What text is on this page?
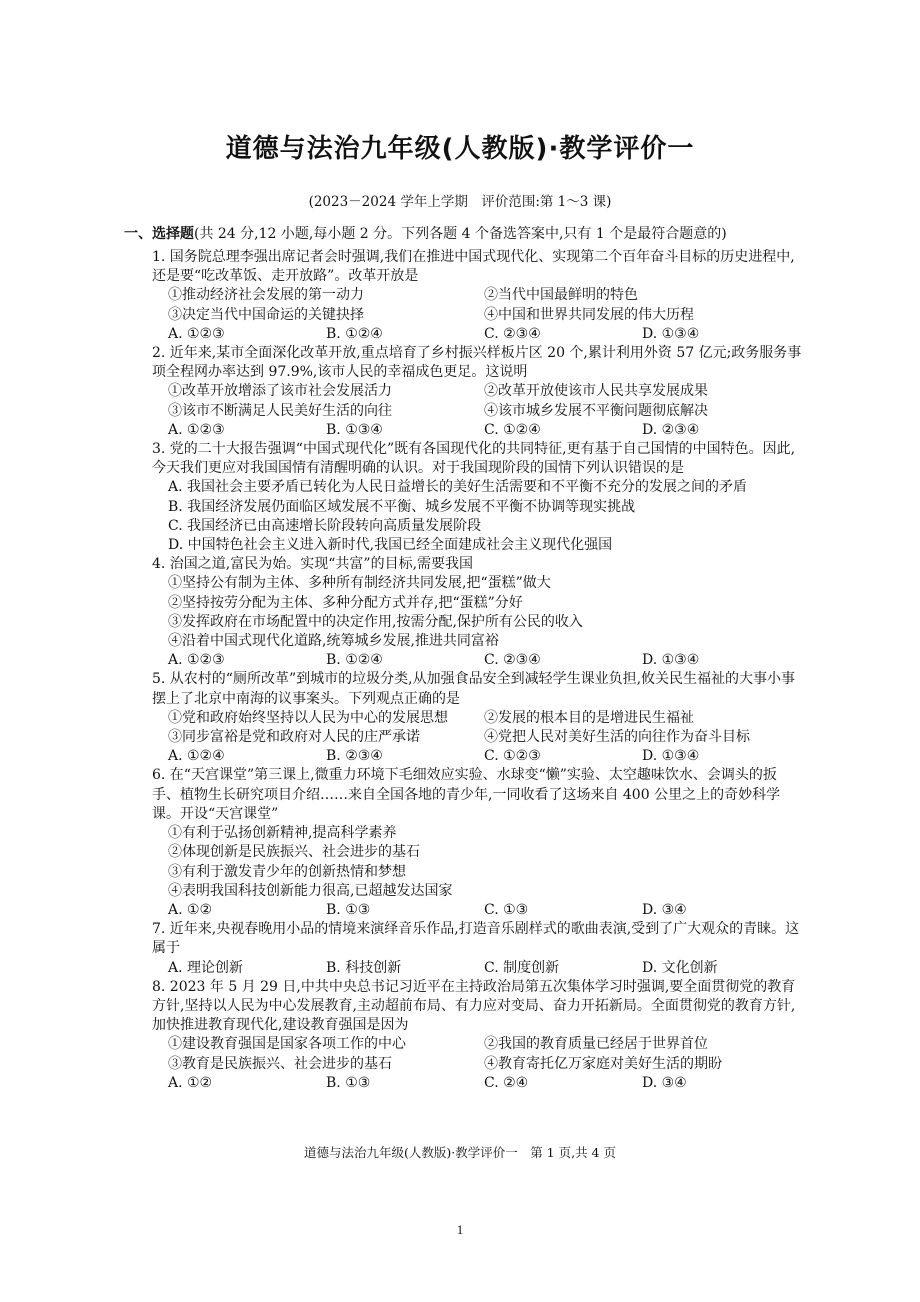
道德与法治九年级(人教版)·教学评价一
(2023－2024 学年上学期　评价范围:第 1～3 课)
一、选择题(共 24 分,12 小题,每小题 2 分。下列各题 4 个备选答案中,只有 1 个是最符合题意的)

1. 国务院总理李强出席记者会时强调,我们在推进中国式现代化、实现第二个百年奋斗目标的历史进程中,还是要“吃改革饭、走开放路”。改革开放是

①推动经济社会发展的第一动力	②当代中国最鲜明的特色
③决定当代中国命运的关键抉择	④中国和世界共同发展的伟大历程
A. ①②③	B. ①②④	C. ②③④	D. ①③④

2. 近年来,某市全面深化改革开放,重点培育了乡村振兴样板片区 20 个,累计利用外资 57 亿元;政务服务事项全程网办率达到 97.9%,该市人民的幸福成色更足。这说明

①改革开放增添了该市社会发展活力	②改革开放使该市人民共享发展成果
③该市不断满足人民美好生活的向往	④该市城乡发展不平衡问题彻底解决
A. ①②③	B. ①③④	C. ①②④	D. ②③④

3. 党的二十大报告强调“中国式现代化”既有各国现代化的共同特征,更有基于自己国情的中国特色。因此,今天我们更应对我国国情有清醒明确的认识。对于我国现阶段的国情下列认识错误的是

A. 我国社会主要矛盾已转化为人民日益增长的美好生活需要和不平衡不充分的发展之间的矛盾

B. 我国经济发展仍面临区域发展不平衡、城乡发展不平衡不协调等现实挑战

C. 我国经济已由高速增长阶段转向高质量发展阶段

D. 中国特色社会主义进入新时代,我国已经全面建成社会主义现代化强国

4. 治国之道,富民为始。实现“共富”的目标,需要我国

①坚持公有制为主体、多种所有制经济共同发展,把“蛋糕”做大

②坚持按劳分配为主体、多种分配方式并存,把“蛋糕”分好

③发挥政府在市场配置中的决定作用,按需分配,保护所有公民的收入

④沿着中国式现代化道路,统筹城乡发展,推进共同富裕

A. ①②③	B. ①②④	C. ②③④	D. ①③④

5. 从农村的“厕所改革”到城市的垃圾分类,从加强食品安全到减轻学生课业负担,攸关民生福祉的大事小事摆上了北京中南海的议事案头。下列观点正确的是

①党和政府始终坚持以人民为中心的发展思想	②发展的根本目的是增进民生福祉
③同步富裕是党和政府对人民的庄严承诺	④党把人民对美好生活的向往作为奋斗目标
A. ①②④	B. ②③④	C. ①②③	D. ①③④

6. 在“天宫课堂”第三课上,微重力环境下毛细效应实验、水球变“懒”实验、太空趣味饮水、会调头的扳手、植物生长研究项目介绍……来自全国各地的青少年,一同收看了这场来自 400 公里之上的奇妙科学课。开设“天宫课堂”

①有利于弘扬创新精神,提高科学素养

②体现创新是民族振兴、社会进步的基石

③有利于激发青少年的创新热情和梦想

④表明我国科技创新能力很高,已超越发达国家

A. ①②	B. ①③	C. ①③	D. ③④

7. 近年来,央视春晚用小品的情境来演绎音乐作品,打造音乐剧样式的歌曲表演,受到了广大观众的青睐。这属于

A. 理论创新	B. 科技创新	C. 制度创新	D. 文化创新

8. 2023 年 5 月 29 日,中共中央总书记习近平在主持政治局第五次集体学习时强调,要全面贯彻党的教育方针,坚持以人民为中心发展教育,主动超前布局、有力应对变局、奋力开拓新局。全面贯彻党的教育方针,加快推进教育现代化,建设教育强国是因为

①建设教育强国是国家各项工作的中心	②我国的教育质量已经居于世界首位
③教育是民族振兴、社会进步的基石	④教育寄托亿万家庭对美好生活的期盼
A. ①②	B. ①③	C. ②④	D. ③④
道德与法治九年级(人教版)·教学评价一　第 1 页,共 4 页
1
